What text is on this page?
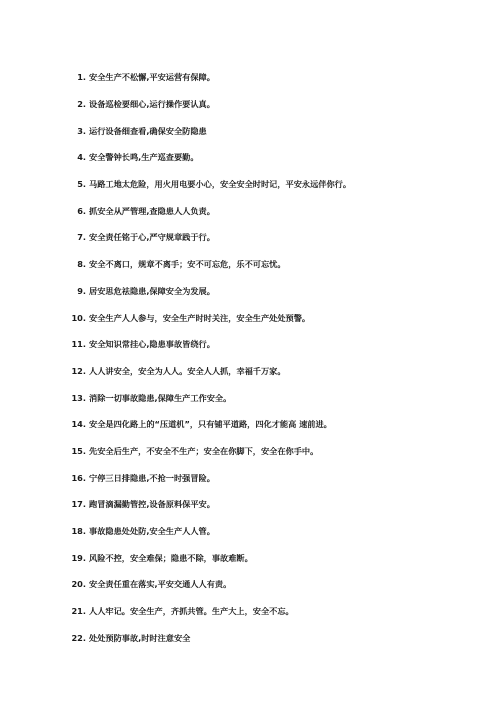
1. 安全生产不松懈,平安运营有保障。
2. 设备巡检要细心,运行操作要认真。
3. 运行设备细查看,确保安全防隐患
4. 安全警钟长鸣,生产巡查要勤。
5. 马路工地太危险，用火用电要小心，安全安全时时记，平安永远伴你行。
6. 抓安全从严管理,查隐患人人负责。
7. 安全责任铭于心,严守规章践于行。
8. 安全不离口，规章不离手；安不可忘危，乐不可忘忧。
9. 居安思危祛隐患,保障安全为发展。
10. 安全生产人人参与，安全生产时时关注，安全生产处处预警。
11. 安全知识常挂心,隐患事故皆绕行。
12. 人人讲安全，安全为人人。安全人人抓，幸福千万家。
13. 消除一切事故隐患,保障生产工作安全。
14. 安全是四化路上的“压道机”，只有铺平道路，四化才能高 速前进。
15. 先安全后生产，不安全不生产；安全在你脚下，安全在你手中。
16. 宁停三日排隐患,不抢一时强冒险。
17. 跑冒滴漏勤管控,设备原料保平安。
18. 事故隐患处处防,安全生产人人管。
19. 风险不控，安全难保；隐患不除，事故难断。
20. 安全责任重在落实,平安交通人人有责。
21. 人人牢记。安全生产，齐抓共管。生产大上，安全不忘。
22. 处处预防事故,时时注意安全
